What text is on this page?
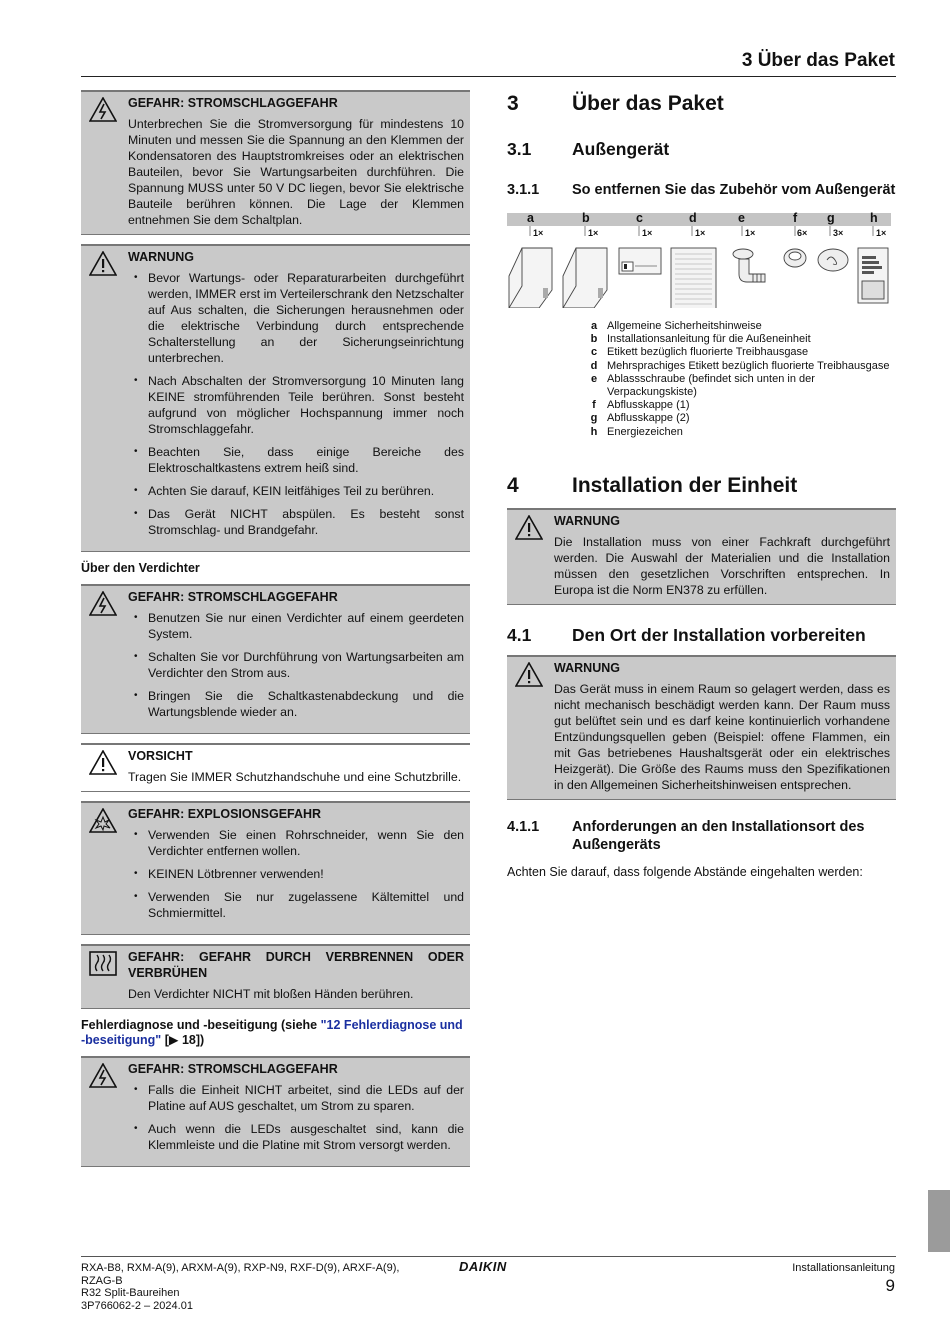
3 Über das Paket
GEFAHR: STROMSCHLAGGEFAHR
Unterbrechen Sie die Stromversorgung für mindestens 10 Minuten und messen Sie die Spannung an den Klemmen der Kondensatoren des Hauptstromkreises oder an elektrischen Bauteilen, bevor Sie Wartungsarbeiten durchführen. Die Spannung MUSS unter 50 V DC liegen, bevor Sie elektrische Bauteile berühren können. Die Lage der Klemmen entnehmen Sie dem Schaltplan.
WARNUNG
• Bevor Wartungs- oder Reparaturarbeiten durchgeführt werden, IMMER erst im Verteilerschrank den Netzschalter auf Aus schalten, die Sicherungen herausnehmen oder die elektrische Verbindung durch entsprechende Schalterstellung an der Sicherungseinrichtung unterbrechen.
• Nach Abschalten der Stromversorgung 10 Minuten lang KEINE stromführenden Teile berühren. Sonst besteht aufgrund von möglicher Hochspannung immer noch Stromschlaggefahr.
• Beachten Sie, dass einige Bereiche des Elektroschaltkastens extrem heiß sind.
• Achten Sie darauf, KEIN leitfähiges Teil zu berühren.
• Das Gerät NICHT abspülen. Es besteht sonst Stromschlag- und Brandgefahr.
Über den Verdichter
GEFAHR: STROMSCHLAGGEFAHR
• Benutzen Sie nur einen Verdichter auf einem geerdeten System.
• Schalten Sie vor Durchführung von Wartungsarbeiten am Verdichter den Strom aus.
• Bringen Sie die Schaltkastenabdeckung und die Wartungsblende wieder an.
VORSICHT
Tragen Sie IMMER Schutzhandschuhe und eine Schutzbrille.
GEFAHR: EXPLOSIONSGEFAHR
• Verwenden Sie einen Rohrschneider, wenn Sie den Verdichter entfernen wollen.
• KEINEN Lötbrenner verwenden!
• Verwenden Sie nur zugelassene Kältemittel und Schmiermittel.
GEFAHR: GEFAHR DURCH VERBRENNEN ODER VERBRÜHEN
Den Verdichter NICHT mit bloßen Händen berühren.
Fehlerdiagnose und -beseitigung (siehe "12 Fehlerdiagnose und -beseitigung" [▶ 18])
GEFAHR: STROMSCHLAGGEFAHR
• Falls die Einheit NICHT arbeitet, sind die LEDs auf der Platine auf AUS geschaltet, um Strom zu sparen.
• Auch wenn die LEDs ausgeschaltet sind, kann die Klemmleiste und die Platine mit Strom versorgt werden.
3	Über das Paket
3.1	Außengerät
3.1.1	So entfernen Sie das Zubehör vom Außengerät
a	b	c	d	e	f g	h
1×	1×	1×	1×	1×	6×	3×	1×
a Allgemeine Sicherheitshinweise
b Installationsanleitung für die Außeneinheit
c Etikett bezüglich fluorierte Treibhausgase
d Mehrsprachiges Etikett bezüglich fluorierte Treibhausgase
e Ablassschraube (befindet sich unten in der Verpackungskiste)
f	Abflusskappe (1)
g Abflusskappe (2)
h Energiezeichen
4	Installation der Einheit
WARNUNG
Die Installation muss von einer Fachkraft durchgeführt werden. Die Auswahl der Materialien und die Installation müssen den gesetzlichen Vorschriften entsprechen. In Europa ist die Norm EN378 zu erfüllen.
4.1	Den Ort der Installation vorbereiten
WARNUNG
Das Gerät muss in einem Raum so gelagert werden, dass es nicht mechanisch beschädigt werden kann. Der Raum muss gut belüftet sein und es darf keine kontinuierlich vorhandene Entzündungsquellen geben (Beispiel: offene Flammen, ein mit Gas betriebenes Haushaltsgerät oder ein elektrisches Heizgerät). Die Größe des Raums muss den Spezifikationen in den Allgemeinen Sicherheitshinweisen entsprechen.
4.1.1	Anforderungen an den Installationsort des Außengeräts
Achten Sie darauf, dass folgende Abstände eingehalten werden:
RXA-B8, RXM-A(9), ARXM-A(9), RXP-N9, RXF-D(9), ARXF-A(9),
RZAG-B
R32 Split-Baureihen
3P766062-2 – 2024.01
DAIKIN	Installationsanleitung
9
